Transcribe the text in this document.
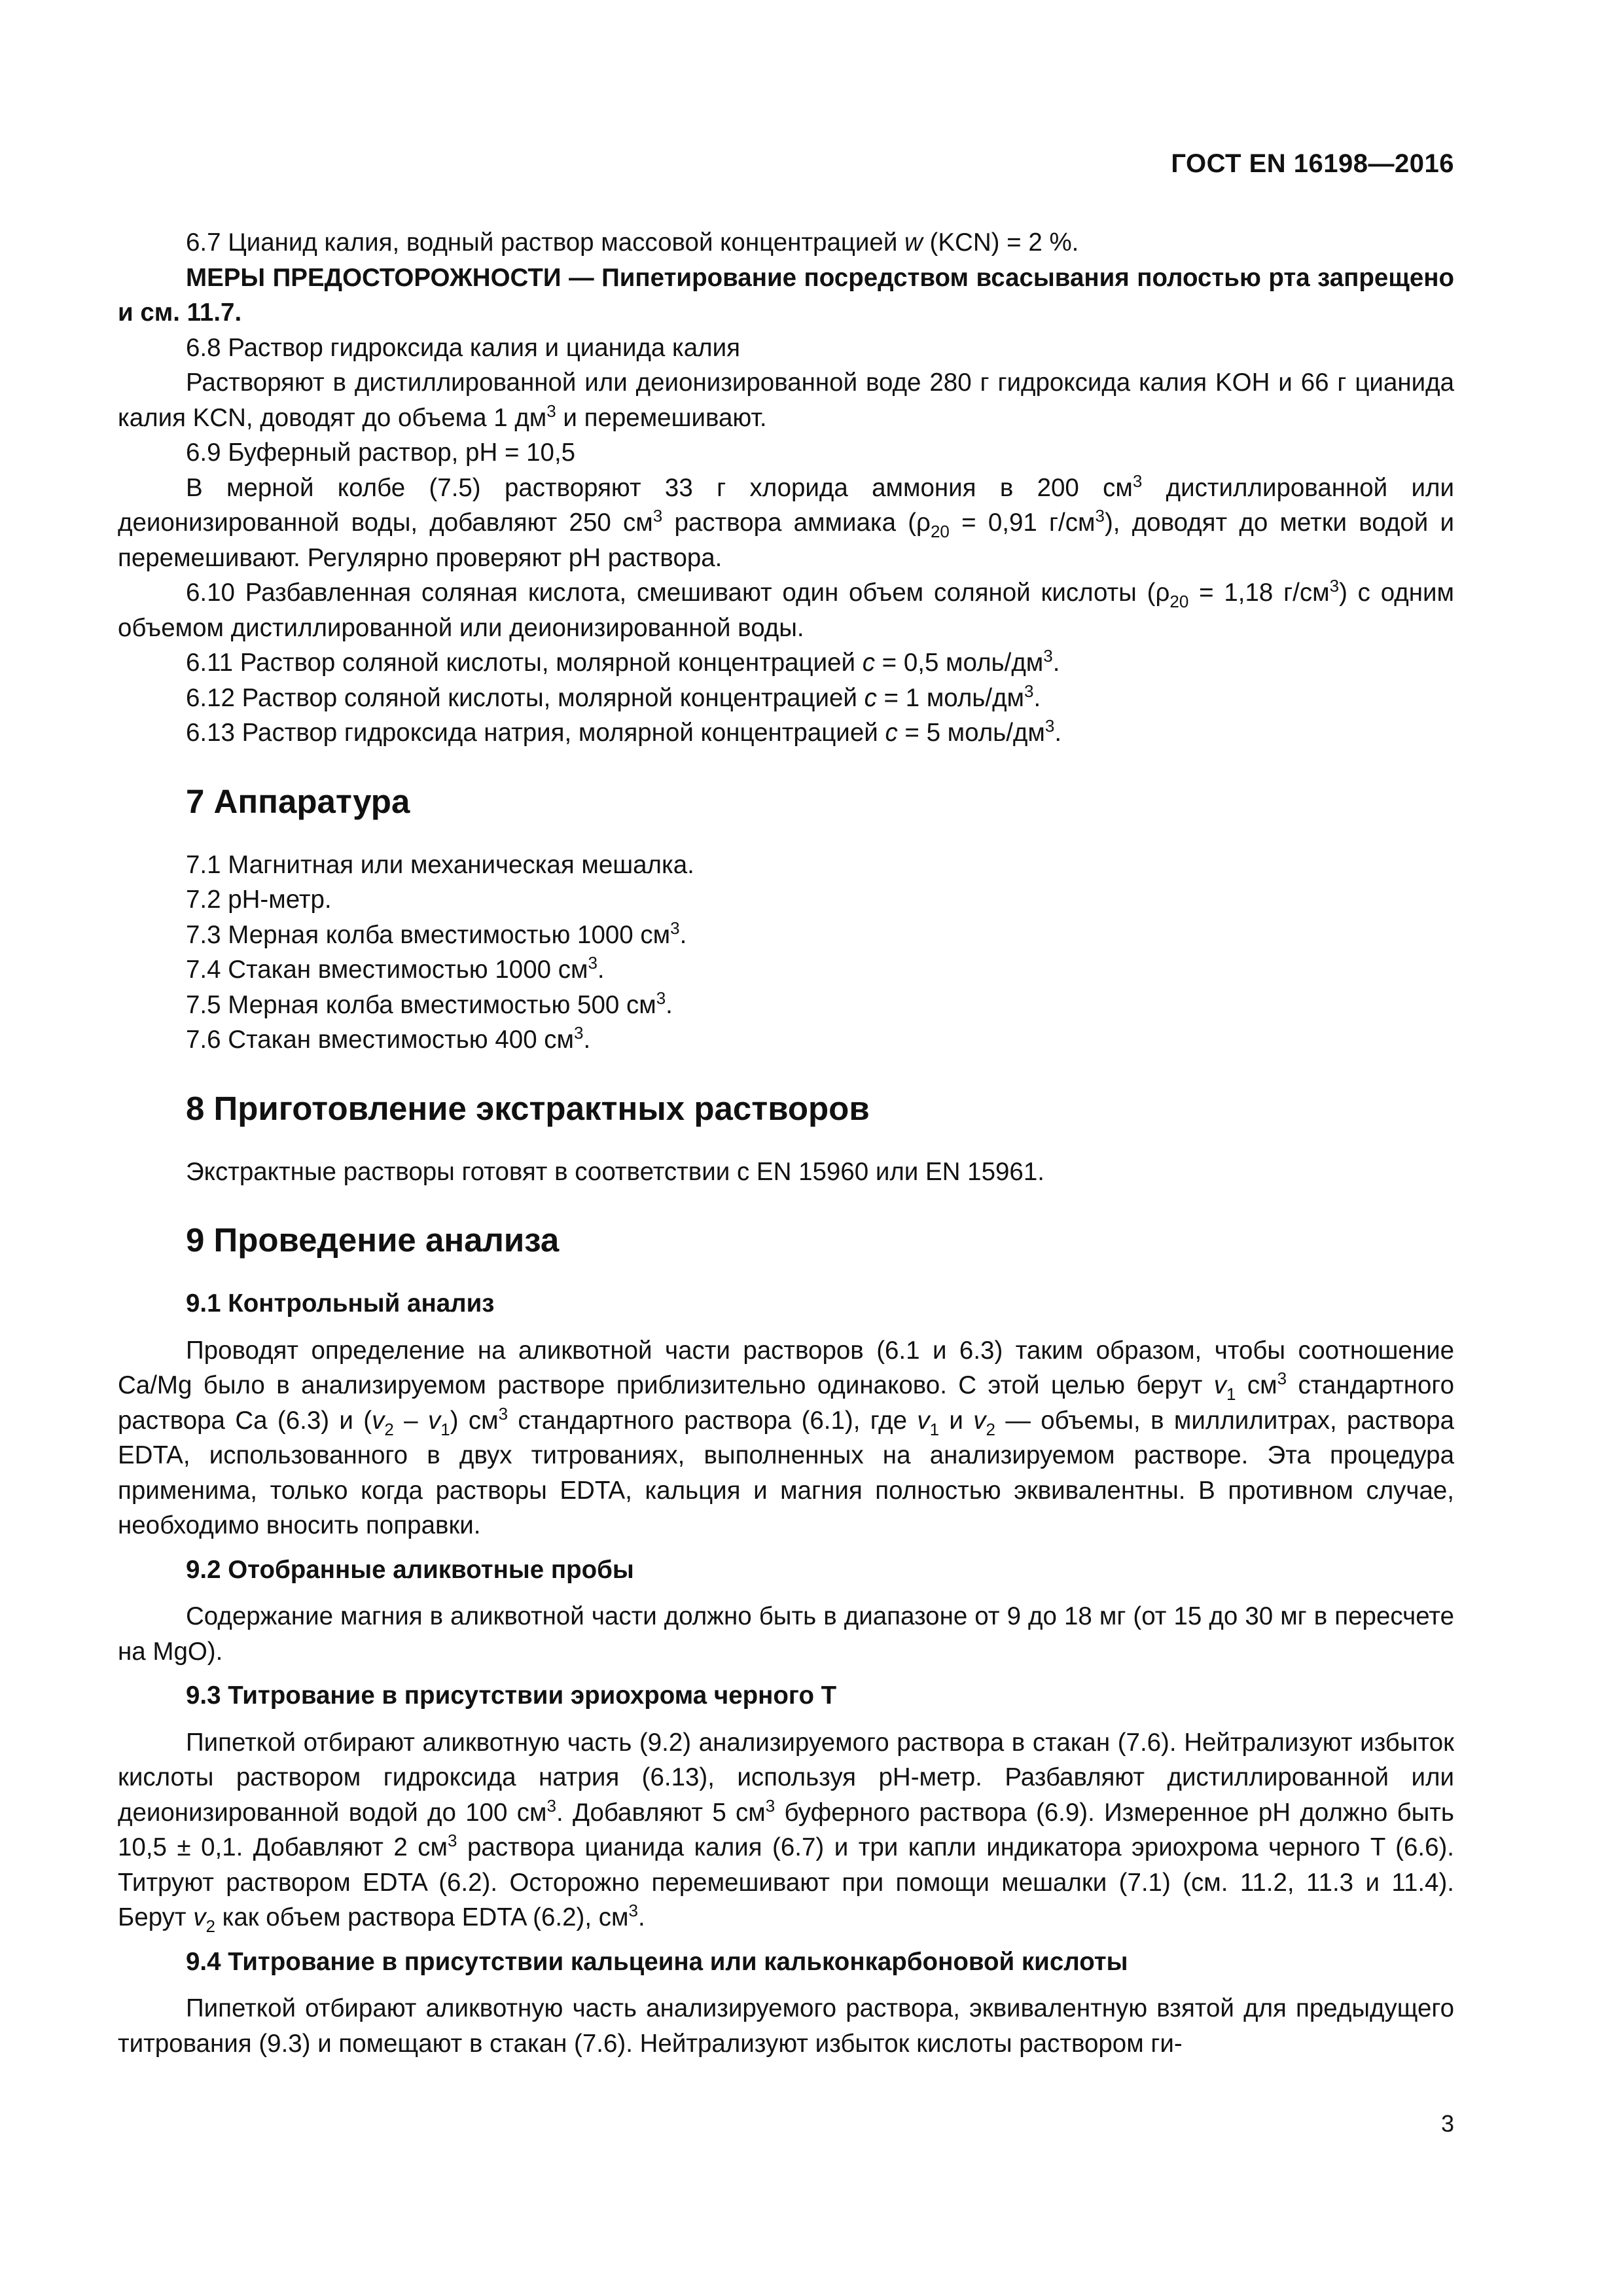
ГОСТ EN 16198—2016

6.7 Цианид калия, водный раствор массовой концентрацией w (KCN) = 2 %.

МЕРЫ ПРЕДОСТОРОЖНОСТИ — Пипетирование посредством всасывания полостью рта запрещено и см. 11.7.

6.8 Раствор гидроксида калия и цианида калия

Растворяют в дистиллированной или деионизированной воде 280 г гидроксида калия KOH и 66 г цианида калия KCN, доводят до объема 1 $дм^3$ и перемешивают.

6.9 Буферный раствор, pH = 10,5

В мерной колбе (7.5) растворяют 33 г хлорида аммония в 200 $см^3$ дистиллированной или деионизированной воды, добавляют 250 $см^3$ раствора аммиака ($\rho_{20} = 0,91$ $г/см^3$), доводят до метки водой и перемешивают. Регулярно проверяют pH раствора.

6.10 Разбавленная соляная кислота, смешивают один объем соляной кислоты ($\rho_{20} = 1,18$ $г/см^3$) с одним объемом дистиллированной или деионизированной воды.

6.11 Раствор соляной кислоты, молярной концентрацией c = 0,5 моль/$дм^3$.

6.12 Раствор соляной кислоты, молярной концентрацией c = 1 моль/$дм^3$.

6.13 Раствор гидроксида натрия, молярной концентрацией c = 5 моль/$дм^3$.

7 Аппаратура

7.1 Магнитная или механическая мешалка.

7.2 pH-метр.

7.3 Мерная колба вместимостью 1000 $см^3$.

7.4 Стакан вместимостью 1000 $см^3$.

7.5 Мерная колба вместимостью 500 $см^3$.

7.6 Стакан вместимостью 400 $см^3$.

8 Приготовление экстрактных растворов

Экстрактные растворы готовят в соответствии с EN 15960 или EN 15961.

9 Проведение анализа
9.1 Контрольный анализ

Проводят определение на аликвотной части растворов (6.1 и 6.3) таким образом, чтобы соотношение Ca/Mg было в анализируемом растворе приблизительно одинаково. С этой целью берут $v_1$ $см^3$ стандартного раствора Ca (6.3) и $(v_2 - v_1)$ $см^3$ стандартного раствора (6.1), где $v_1$ и $v_2$ — объемы, в миллилитрах, раствора EDTA, использованного в двух титрованиях, выполненных на анализируемом растворе. Эта процедура применима, только когда растворы EDTA, кальция и магния полностью эквивалентны. В противном случае, необходимо вносить поправки.

9.2 Отобранные аликвотные пробы

Содержание магния в аликвотной части должно быть в диапазоне от 9 до 18 мг (от 15 до 30 мг в пересчете на MgO).

9.3 Титрование в присутствии эриохрома черного T

Пипеткой отбирают аликвотную часть (9.2) анализируемого раствора в стакан (7.6). Нейтрализуют избыток кислоты раствором гидроксида натрия (6.13), используя pH-метр. Разбавляют дистиллированной или деионизированной водой до 100 $см^3$. Добавляют 5 $см^3$ буферного раствора (6.9). Измеренное pH должно быть 10,5 ± 0,1. Добавляют 2 $см^3$ раствора цианида калия (6.7) и три капли индикатора эриохрома черного T (6.6). Титруют раствором EDTA (6.2). Осторожно перемешивают при помощи мешалки (7.1) (см. 11.2, 11.3 и 11.4). Берут $v_2$ как объем раствора EDTA (6.2), $см^3$.

9.4 Титрование в присутствии кальцеина или кальконкарбоновой кислоты

Пипеткой отбирают аликвотную часть анализируемого раствора, эквивалентную взятой для предыдущего титрования (9.3) и помещают в стакан (7.6). Нейтрализуют избыток кислоты раствором ги-

3
